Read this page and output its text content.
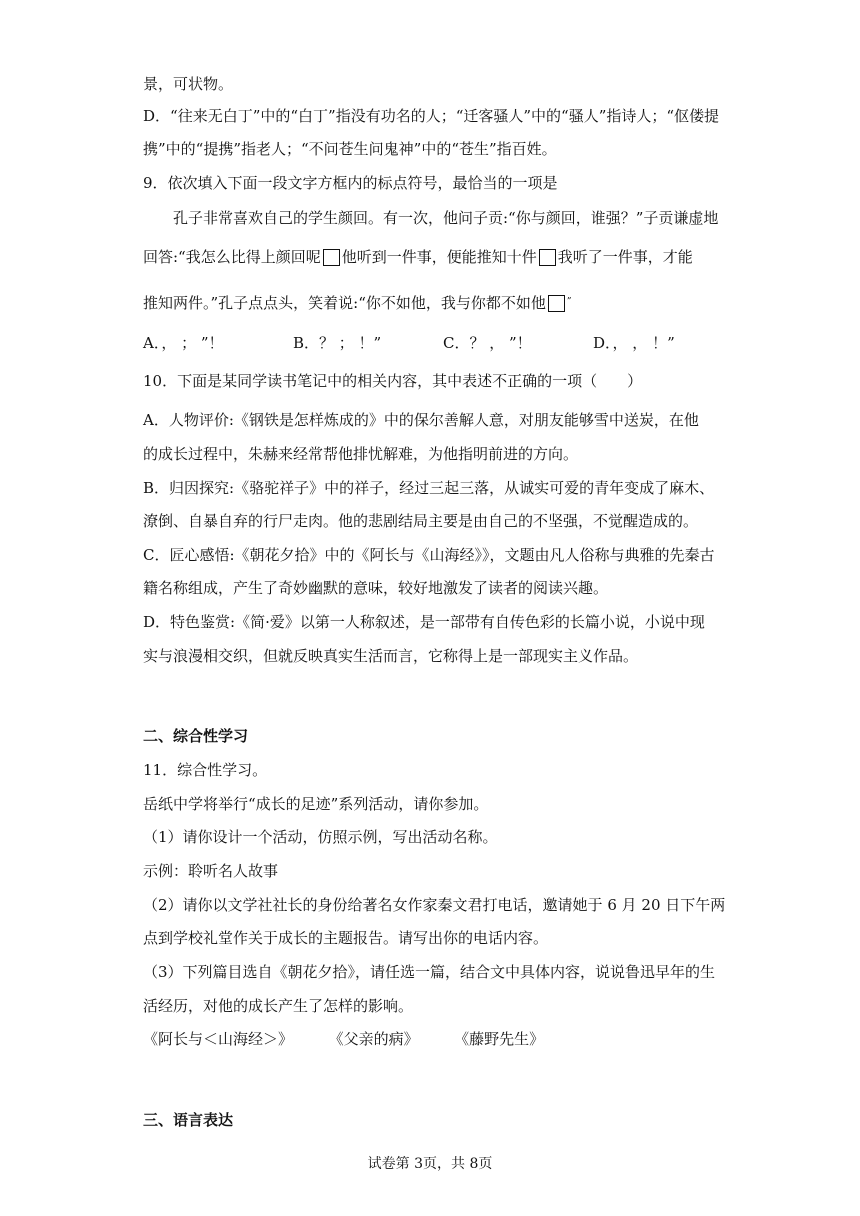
景，可状物。
D．“往来无白丁”中的“白丁”指没有功名的人；“迁客骚人”中的“骚人”指诗人；“伛偻提
携”中的“提携”指老人；“不问苍生问鬼神”中的“苍生”指百姓。
9．依次填入下面一段文字方框内的标点符号，最恰当的一项是
孔子非常喜欢自己的学生颜回。有一次，他问子贡:“你与颜回，谁强？”子贡谦虚地
回答:“我怎么比得上颜回呢 他听到一件事，便能推知十件 我听了一件事，才能
推知两件。”孔子点点头，笑着说:“你不如他，我与你都不如他 ”
A．， ； ”！	B．？ ； ！”	C．？ ， ”！	D．， ， ！”
10．下面是某同学读书笔记中的相关内容，其中表述不正确的一项（　　）
A．人物评价:《钢铁是怎样炼成的》中的保尔善解人意，对朋友能够雪中送炭，在他
的成长过程中，朱赫来经常帮他排忧解难，为他指明前进的方向。
B．归因探究:《骆驼祥子》中的祥子，经过三起三落，从诚实可爱的青年变成了麻木、
潦倒、自暴自弃的行尸走肉。他的悲剧结局主要是由自己的不坚强，不觉醒造成的。
C．匠心感悟:《朝花夕拾》中的《阿长与《山海经》》，文题由凡人俗称与典雅的先秦古
籍名称组成，产生了奇妙幽默的意味，较好地激发了读者的阅读兴趣。
D．特色鉴赏:《简·爱》以第一人称叙述，是一部带有自传色彩的长篇小说，小说中现
实与浪漫相交织，但就反映真实生活而言，它称得上是一部现实主义作品。
二、综合性学习
11．综合性学习。
岳纸中学将举行“成长的足迹”系列活动，请你参加。
（1）请你设计一个活动，仿照示例，写出活动名称。
示例：聆听名人故事
（2）请你以文学社社长的身份给著名女作家秦文君打电话，邀请她于 6 月 20 日下午两
点到学校礼堂作关于成长的主题报告。请写出你的电话内容。
（3）下列篇目选自《朝花夕拾》，请任选一篇，结合文中具体内容，说说鲁迅早年的生
活经历，对他的成长产生了怎样的影响。
《阿长与＜山海经＞》 《父亲的病》 《藤野先生》
三、语言表达
试卷第 3页，共 8页
